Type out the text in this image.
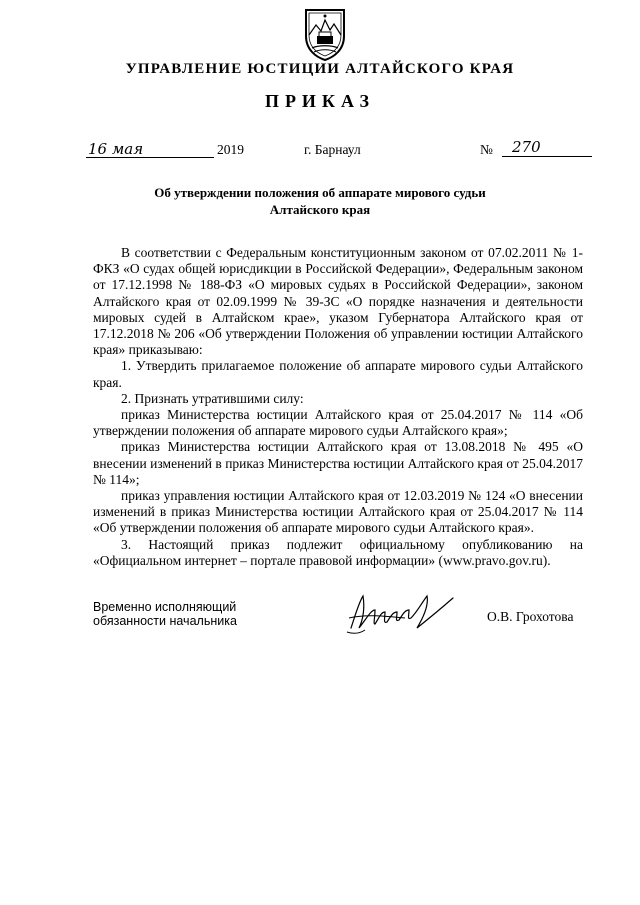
УПРАВЛЕНИЕ ЮСТИЦИИ АЛТАЙСКОГО КРАЯ
ПРИКАЗ
16 мая	2019	г. Барнаул	№ 270
Об утверждении положения об аппарате мирового судьи
Алтайского края

В соответствии с Федеральным конституционным законом от 07.02.2011 № 1-ФКЗ «О судах общей юрисдикции в Российской Федерации», Федеральным законом от 17.12.1998 № 188-ФЗ «О мировых судьях в Российской Федерации», законом Алтайского края от 02.09.1999 № 39-ЗС «О порядке назначения и деятельности мировых судей в Алтайском крае», указом Губернатора Алтайского края от 17.12.2018 № 206 «Об утверждении Положения об управлении юстиции Алтайского края» приказываю:

1. Утвердить прилагаемое положение об аппарате мирового судьи Алтайского края.

2. Признать утратившими силу:

приказ Министерства юстиции Алтайского края от 25.04.2017 № 114 «Об утверждении положения об аппарате мирового судьи Алтайского края»;

приказ Министерства юстиции Алтайского края от 13.08.2018 № 495 «О внесении изменений в приказ Министерства юстиции Алтайского края от 25.04.2017 № 114»;

приказ управления юстиции Алтайского края от 12.03.2019 № 124 «О внесении изменений в приказ Министерства юстиции Алтайского края от 25.04.2017 № 114 «Об утверждении положения об аппарате мирового судьи Алтайского края».

3. Настоящий приказ подлежит официальному опубликованию на «Официальном интернет – портале правовой информации» (www.pravo.gov.ru).

Временно исполняющий
обязанности начальника	О.В. Грохотова
